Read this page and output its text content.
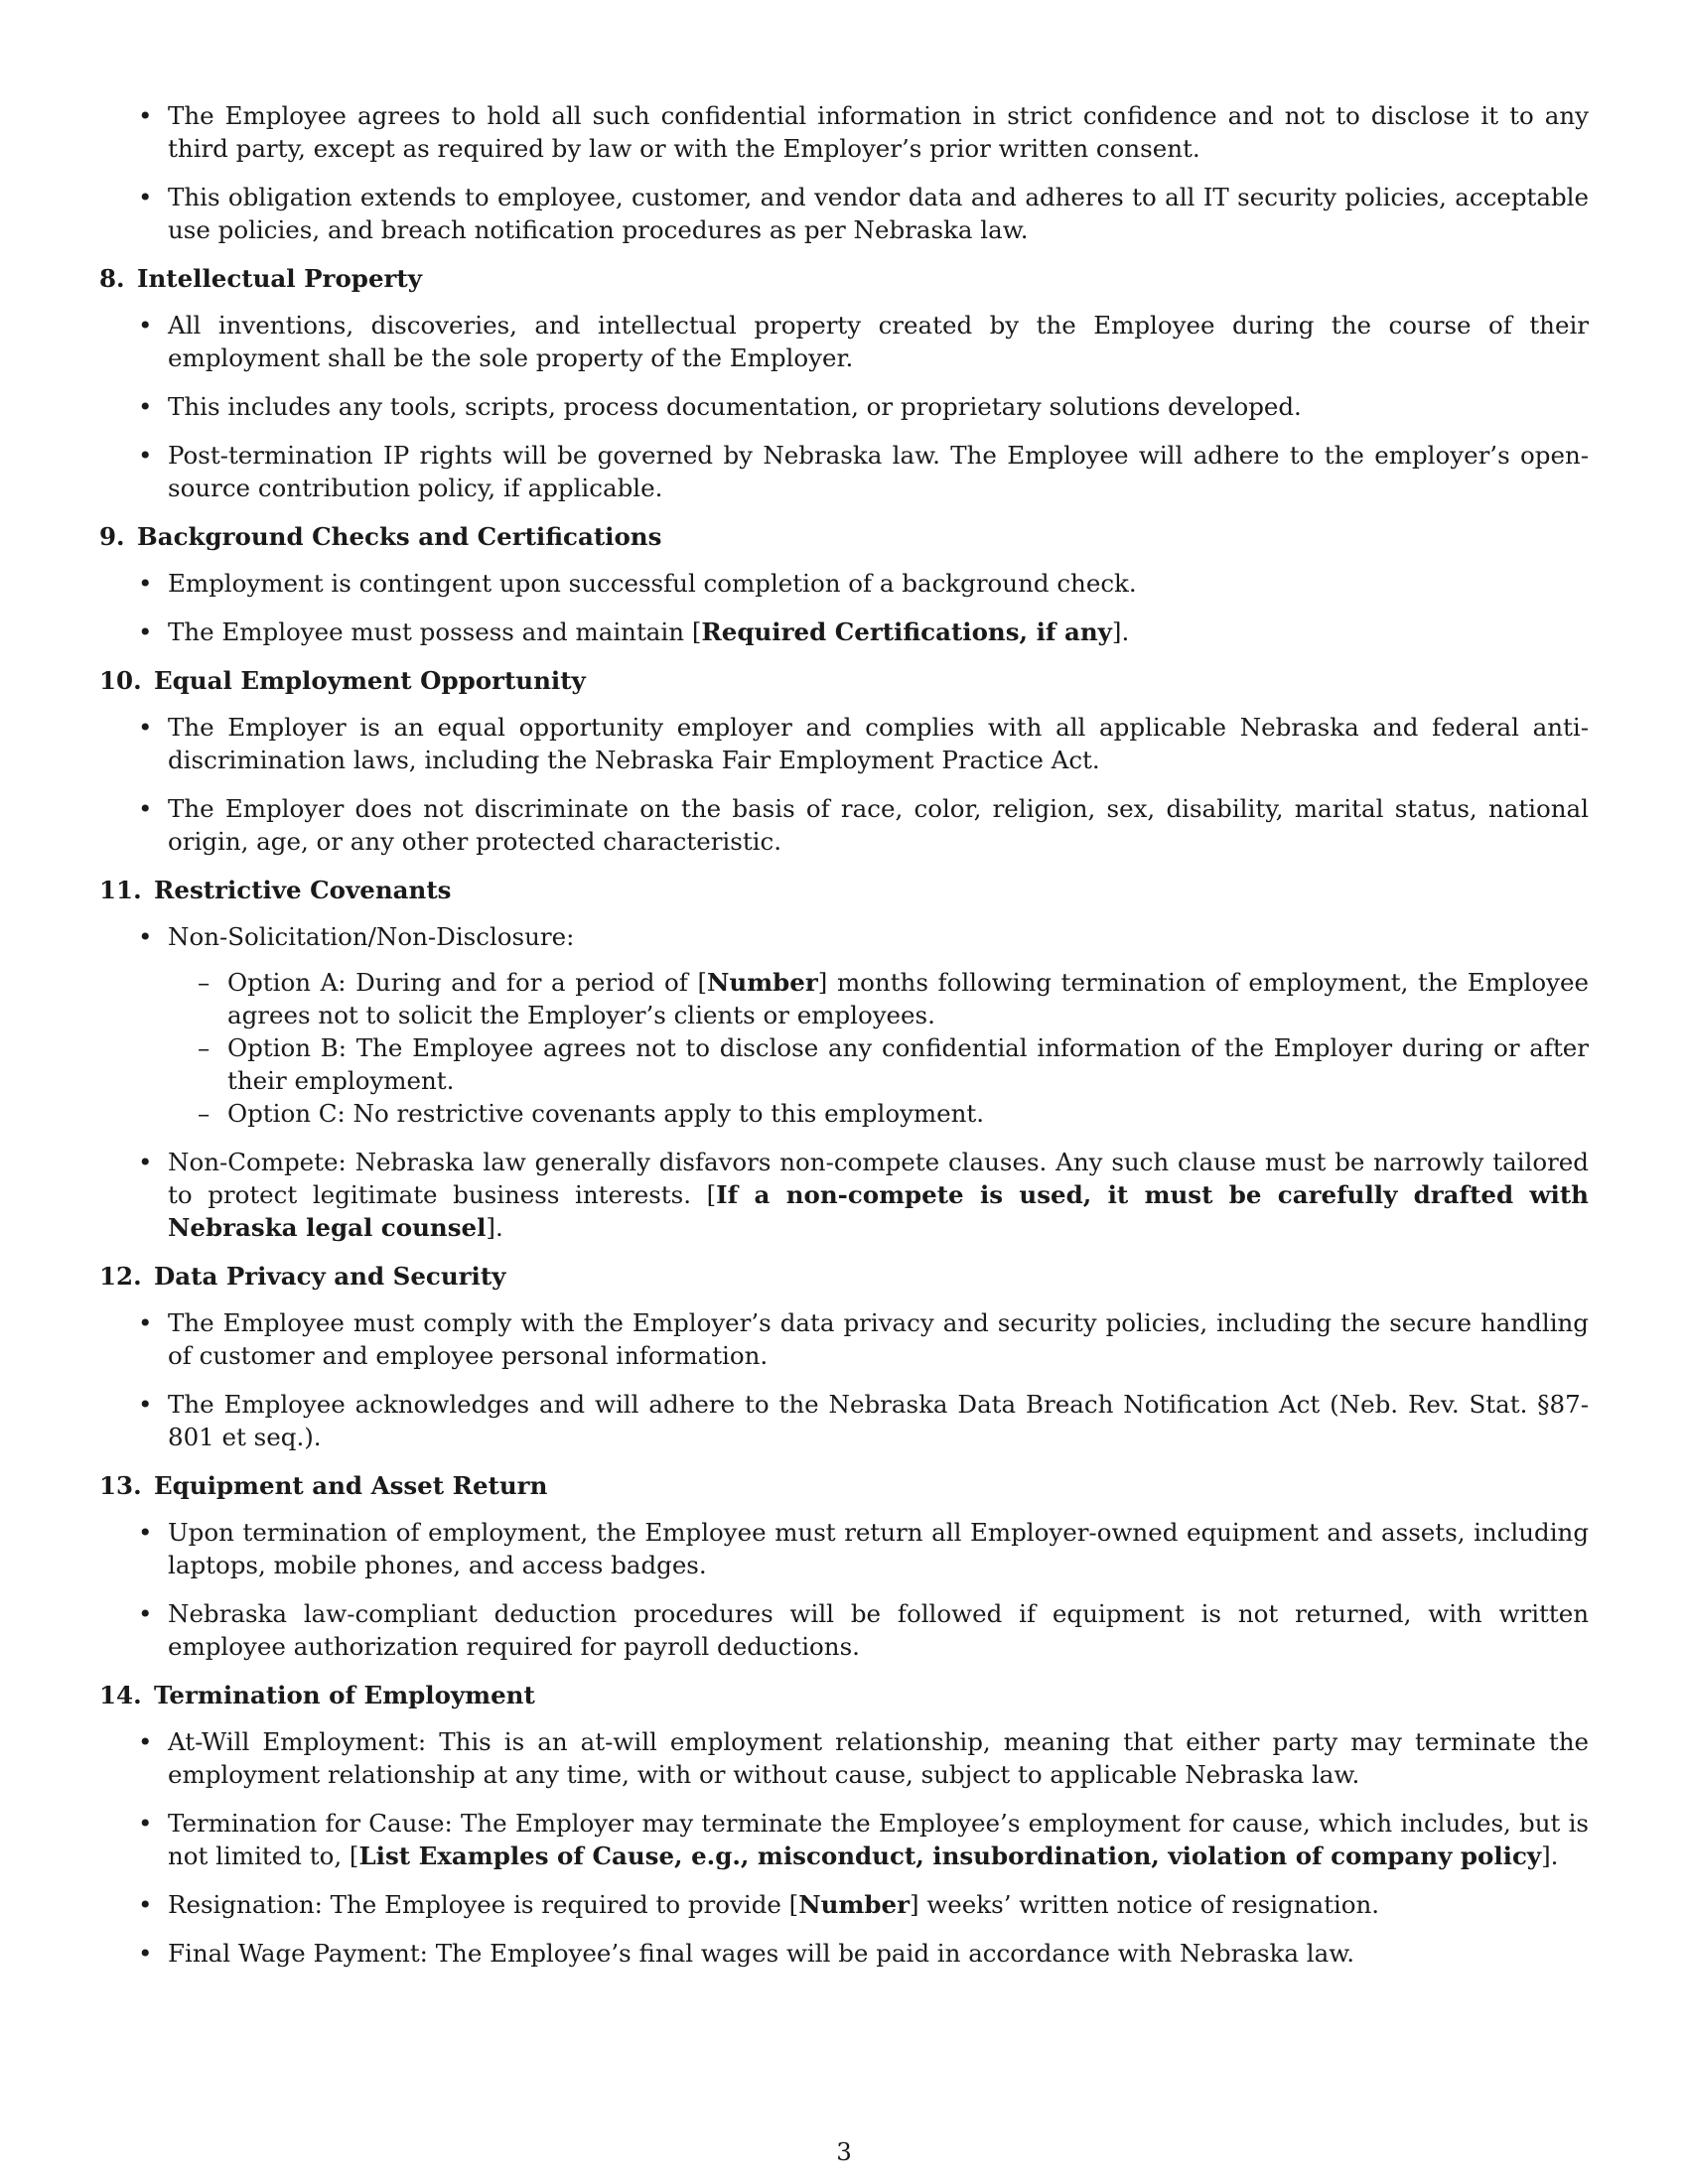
• The Employee agrees to hold all such confidential information in strict confidence and not to disclose it to any third party, except as required by law or with the Employer’s prior written consent.
• This obligation extends to employee, customer, and vendor data and adheres to all IT security policies, acceptable use policies, and breach notification procedures as per Nebraska law.
8. Intellectual Property
• All inventions, discoveries, and intellectual property created by the Employee during the course of their employment shall be the sole property of the Employer.
• This includes any tools, scripts, process documentation, or proprietary solutions developed.
• Post-termination IP rights will be governed by Nebraska law. The Employee will adhere to the employer’s open-source contribution policy, if applicable.
9. Background Checks and Certifications
• Employment is contingent upon successful completion of a background check.
• The Employee must possess and maintain [Required Certifications, if any].
10. Equal Employment Opportunity
• The Employer is an equal opportunity employer and complies with all applicable Nebraska and federal anti-discrimination laws, including the Nebraska Fair Employment Practice Act.
• The Employer does not discriminate on the basis of race, color, religion, sex, disability, marital status, national origin, age, or any other protected characteristic.
11. Restrictive Covenants
• Non-Solicitation/Non-Disclosure:
– Option A: During and for a period of [Number] months following termination of employment, the Employee agrees not to solicit the Employer’s clients or employees.
– Option B: The Employee agrees not to disclose any confidential information of the Employer during or after their employment.
– Option C: No restrictive covenants apply to this employment.
• Non-Compete: Nebraska law generally disfavors non-compete clauses. Any such clause must be narrowly tailored to protect legitimate business interests. [If a non-compete is used, it must be carefully drafted with Nebraska legal counsel].
12. Data Privacy and Security
• The Employee must comply with the Employer’s data privacy and security policies, including the secure handling of customer and employee personal information.
• The Employee acknowledges and will adhere to the Nebraska Data Breach Notification Act (Neb. Rev. Stat. §87-801 et seq.).
13. Equipment and Asset Return
• Upon termination of employment, the Employee must return all Employer-owned equipment and assets, including laptops, mobile phones, and access badges.
• Nebraska law-compliant deduction procedures will be followed if equipment is not returned, with written employee authorization required for payroll deductions.
14. Termination of Employment
• At-Will Employment: This is an at-will employment relationship, meaning that either party may terminate the employment relationship at any time, with or without cause, subject to applicable Nebraska law.
• Termination for Cause: The Employer may terminate the Employee’s employment for cause, which includes, but is not limited to, [List Examples of Cause, e.g., misconduct, insubordination, violation of company policy].
• Resignation: The Employee is required to provide [Number] weeks’ written notice of resignation.
• Final Wage Payment: The Employee’s final wages will be paid in accordance with Nebraska law.
3
